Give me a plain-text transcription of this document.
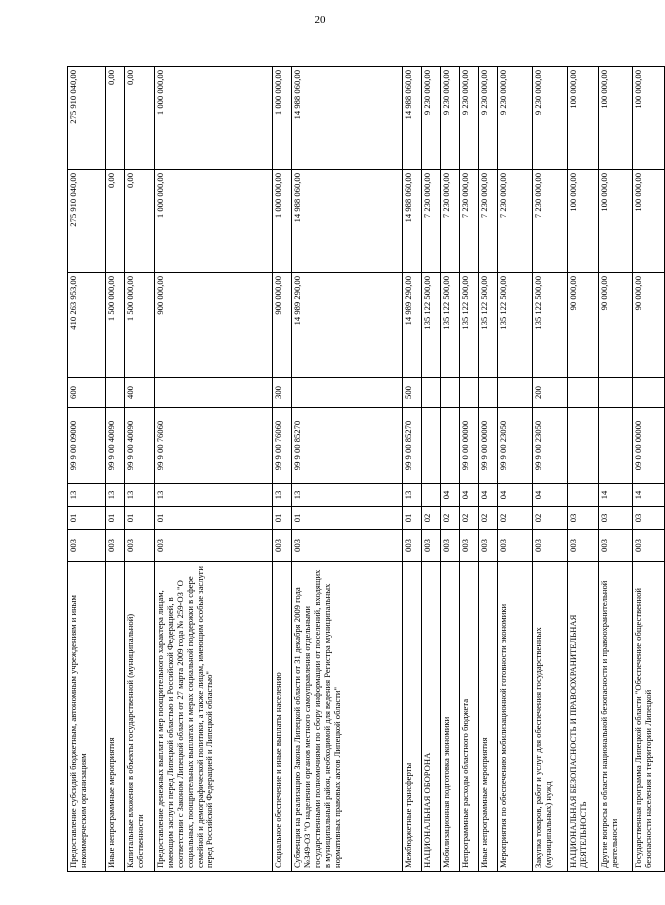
20
Предоставление субсидий бюджетным, автономным учреждениям и иным некоммерческим организациям	003	01	13	99 9 00 09000	600	410 263 953,00	275 910 040,00	275 910 040,00
Иные непрограммные мероприятия	003	01	13	99 9 00 40090		1 500 000,00	0,00	0,00
Капитальные вложения в объекты государственной (муниципальной) собственности	003	01	13	99 9 00 40090	400	1 500 000,00	0,00	0,00
Предоставление денежных выплат и мер поощрительного характера лицам, имеющим заслуги перед Липецкой областью и Российской Федерацией, в соответствии с Законом Липецкой области от 27 марта 2009 года № 259-ОЗ "О социальных, поощрительных выплатах и мерах социальной поддержки в сфере семейной и демографической политики, а также лицам, имеющим особые заслуги перед Российской Федерацией и Липецкой областью"	003	01	13	99 9 00 76060		900 000,00	1 000 000,00	1 000 000,00
Социальное обеспечение и иные выплаты населению	003	01	13	99 9 00 76060	300	900 000,00	1 000 000,00	1 000 000,00
Субвенция на реализацию Закона Липецкой области от 31 декабря 2009 года №349-ОЗ "О наделении органов местного самоуправления отдельными государственными полномочиями по сбору информации от поселений, входящих в муниципальный район, необходимой для ведения Регистра муниципальных нормативных правовых актов Липецкой области"	003	01	13	99 9 00 85270		14 989 290,00	14 988 060,00	14 988 060,00
Межбюджетные трансферты	003	01	13	99 9 00 85270	500	14 989 290,00	14 988 060,00	14 988 060,00
НАЦИОНАЛЬНАЯ ОБОРОНА	003	02				135 122 500,00	7 230 000,00	9 230 000,00
Мобилизационная подготовка экономики	003	02	04			135 122 500,00	7 230 000,00	9 230 000,00
Непрограммные расходы областного бюджета	003	02	04	99 0 00 00000		135 122 500,00	7 230 000,00	9 230 000,00
Иные непрограммные мероприятия	003	02	04	99 9 00 00000		135 122 500,00	7 230 000,00	9 230 000,00
Мероприятия по обеспечению мобилизационной готовности экономики	003	02	04	99 9 00 23050		135 122 500,00	7 230 000,00	9 230 000,00
Закупка товаров, работ и услуг для обеспечения государственных (муниципальных) нужд	003	02	04	99 9 00 23050	200	135 122 500,00	7 230 000,00	9 230 000,00
НАЦИОНАЛЬНАЯ БЕЗОПАСНОСТЬ И ПРАВООХРАНИТЕЛЬНАЯ ДЕЯТЕЛЬНОСТЬ	003	03				90 000,00	100 000,00	100 000,00
Другие вопросы в области национальной безопасности и правоохранительной деятельности	003	03	14			90 000,00	100 000,00	100 000,00
Государственная программа Липецкой области "Обеспечение общественной безопасности населения и территории Липецкой	003	03	14	09 0 00 00000		90 000,00	100 000,00	100 000,00
